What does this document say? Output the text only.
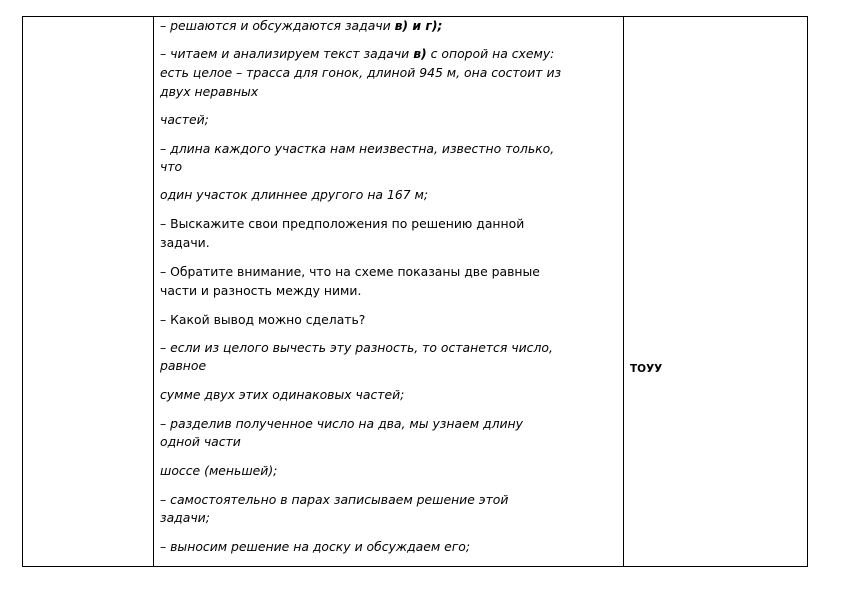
– решаются и обсуждаются задачи в) и г);
– читаем и анализируем текст задачи в) с опорой на схему:
есть целое – трасса для гонок, длиной 945 м, она состоит из
двух неравных
частей;
– длина каждого участка нам неизвестна, известно только,
что
один участок длиннее другого на 167 м;
– Выскажите свои предположения по решению данной
задачи.
– Обратите внимание, что на схеме показаны две равные
части и разность между ними.
– Какой вывод можно сделать?
– если из целого вычесть эту разность, то останется число,
равное
сумме двух этих одинаковых частей;
– разделив полученное число на два, мы узнаем длину
одной части
шоссе (меньшей);
– самостоятельно в парах записываем решение этой
задачи;
– выносим решение на доску и обсуждаем его;
ТОУУ
